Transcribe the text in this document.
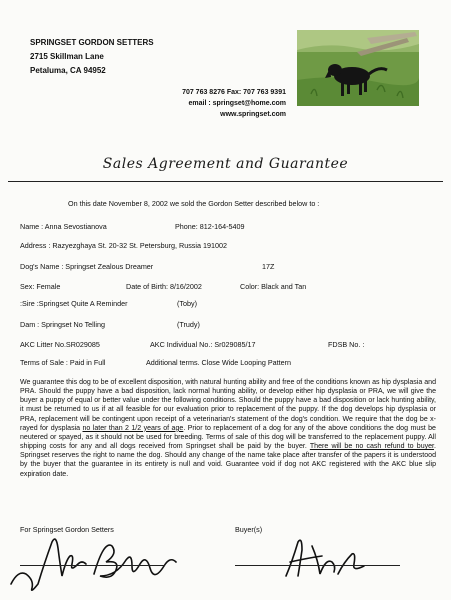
SPRINGSET GORDON SETTERS
2715 Skillman Lane
Petaluma, CA 94952
707 763 8276 Fax: 707 763 9391
email : springset@home.com
www.springset.com
Sales Agreement and Guarantee
On this date November 8, 2002 we sold the Gordon Setter described below to :
Name : Anna Sevostianova	Phone: 812-164-5409
Address : Razyezghaya St. 20-32 St. Petersburg, Russia 191002
Dog's Name : Springset Zealous Dreamer	17Z
Sex: Female	Date of Birth: 8/16/2002	Color: Black and Tan
:Sire :Springset Quite A Reminder	(Toby)
Dam : Springset No Telling	(Trudy)
AKC Litter No.SR029085	AKC Individual No.: Sr029085/17	FDSB No. :
Terms of Sale : Paid in Full	Additional terms. Close Wide Looping Pattern
We guarantee this dog to be of excellent disposition, with natural hunting ability and free of the conditions known as hip dysplasia and PRA. Should the puppy have a bad disposition, lack normal hunting ability, or develop either hip dysplasia or PRA, we will give the buyer a puppy of equal or better value under the following conditions. Should the puppy have a bad disposition or lack hunting ability, it must be returned to us if at all feasible for our evaluation prior to replacement of the puppy. If the dog develops hip dysplasia or PRA, replacement will be contingent upon receipt of a veterinarian's statement of the dog's condition. We require that the dog be x-rayed for dysplasia no later than 2 1/2 years of age. Prior to replacement of a dog for any of the above conditions the dog must be neutered or spayed, as it should not be used for breeding. Terms of sale of this dog will be transferred to the replacement puppy. All shipping costs for any and all dogs received from Springset shall be paid by the buyer. There will be no cash refund to buyer. Springset reserves the right to name the dog. Should any change of the name take place after transfer of the papers it is understood by the buyer that the guarantee in its entirety is null and void. Guarantee void if dog not AKC registered with the AKC blue slip expiration date.
For Springset Gordon Setters	Buyer(s)
